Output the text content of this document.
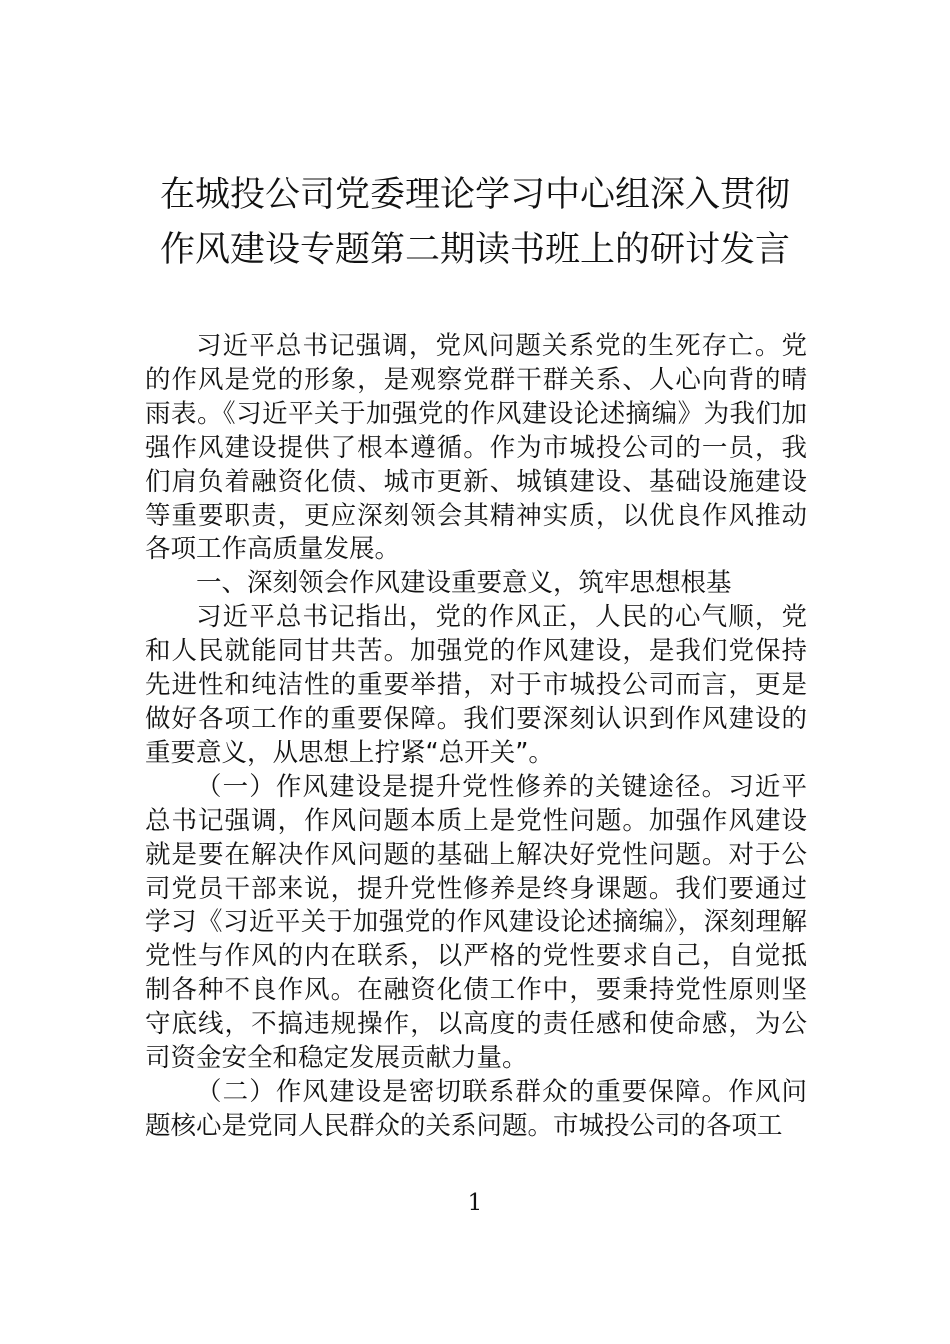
在城投公司党委理论学习中心组深入贯彻
作风建设专题第二期读书班上的研讨发言

习近平总书记强调，党风问题关系党的生死存亡。党的作风是党的形象，是观察党群干群关系、人心向背的晴雨表。《习近平关于加强党的作风建设论述摘编》为我们加强作风建设提供了根本遵循。作为市城投公司的一员，我们肩负着融资化债、城市更新、城镇建设、基础设施建设等重要职责，更应深刻领会其精神实质，以优良作风推动各项工作高质量发展。

一、深刻领会作风建设重要意义，筑牢思想根基

习近平总书记指出，党的作风正，人民的心气顺，党和人民就能同甘共苦。加强党的作风建设，是我们党保持先进性和纯洁性的重要举措，对于市城投公司而言，更是做好各项工作的重要保障。我们要深刻认识到作风建设的重要意义，从思想上拧紧“总开关”。

（一）作风建设是提升党性修养的关键途径。习近平总书记强调，作风问题本质上是党性问题。加强作风建设就是要在解决作风问题的基础上解决好党性问题。对于公司党员干部来说，提升党性修养是终身课题。我们要通过学习《习近平关于加强党的作风建设论述摘编》，深刻理解党性与作风的内在联系，以严格的党性要求自己，自觉抵制各种不良作风。在融资化债工作中，要秉持党性原则坚守底线，不搞违规操作，以高度的责任感和使命感，为公司资金安全和稳定发展贡献力量。

（二）作风建设是密切联系群众的重要保障。作风问题核心是党同人民群众的关系问题。市城投公司的各项工

1
